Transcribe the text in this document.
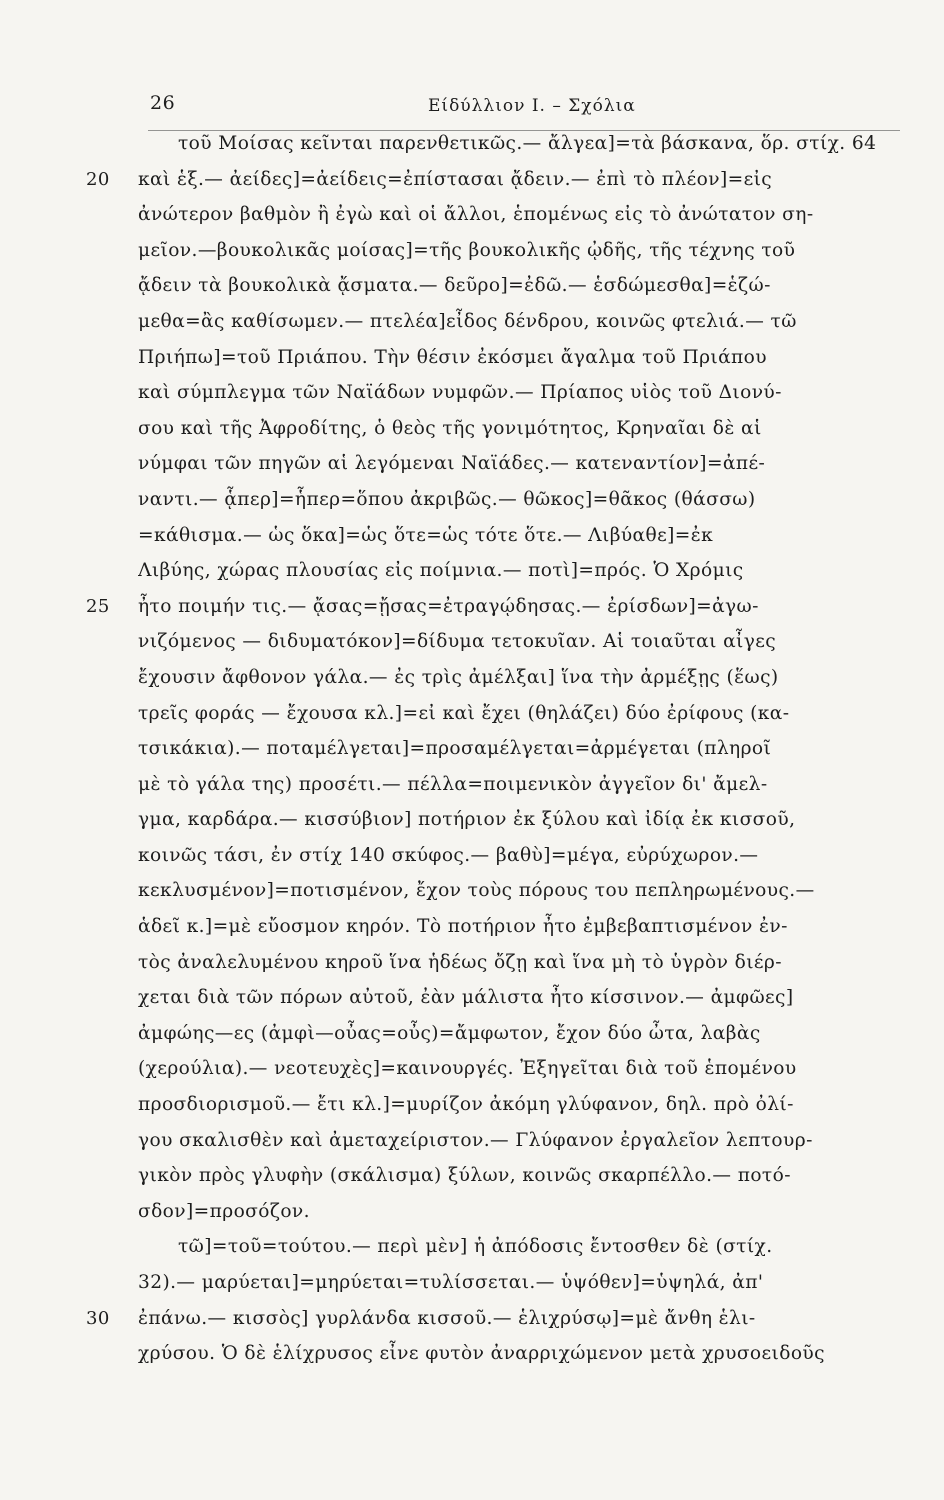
26	Είδύλλιον Ι. – Σχόλια
τοῦ Μοίσας κεῖνται παρενθετικῶς.— ἄλγεα]=τὰ βάσκανα, ὅρ. στίχ. 64
20 καὶ ἑξ.— ἀείδες]=ἀείδεις=ἐπίστασαι ᾄδειν.— ἐπὶ τὸ πλέον]=εἰς
ἀνώτερον βαθμὸν ἢ ἐγὼ καὶ οἱ ἄλλοι, ἑπομένως εἰς τὸ ἀνώτατον ση-
μεῖον.—βουκολικᾶς μοίσας]=τῆς βουκολικῆς ᾠδῆς, τῆς τέχνης τοῦ
ᾄδειν τὰ βουκολικὰ ᾄσματα.— δεῦρο]=ἐδῶ.— ἑσδώμεσθα]=ἑζώ-
μεθα=ἂς καθίσωμεν.— πτελέα]εἶδος δένδρου, κοινῶς φτελιά.— τῶ
Πριήπω]=τοῦ Πριάπου. Τὴν θέσιν ἐκόσμει ἄγαλμα τοῦ Πριάπου
καὶ σύμπλεγμα τῶν Ναϊάδων νυμφῶν.— Πρίαπος υἱὸς τοῦ Διονύ-
σου καὶ τῆς Ἀφροδίτης, ὁ θεὸς τῆς γονιμότητος, Κρηναῖαι δὲ αἱ
νύμφαι τῶν πηγῶν αἱ λεγόμεναι Ναϊάδες.— κατεναντίον]=ἀπέ-
ναντι.— ᾇπερ]=ἧπερ=ὅπου ἀκριβῶς.— θῶκος]=θᾶκος (θάσσω)
=κάθισμα.— ὡς ὅκα]=ὡς ὅτε=ὡς τότε ὅτε.— Λιβύαθε]=ἐκ
Λιβύης, χώρας πλουσίας εἰς ποίμνια.— ποτὶ]=πρός. Ὁ Χρόμις
25 ἦτο ποιμήν τις.— ᾄσας=ᾔσας=ἐτραγῴδησας.— ἐρίσδων]=ἀγω-
νιζόμενος — διδυματόκον]=δίδυμα τετοκυῖαν. Αἱ τοιαῦται αἶγες
ἔχουσιν ἄφθονον γάλα.— ἐς τρὶς ἀμέλξαι] ἵνα τὴν ἀρμέξῃς (ἕως)
τρεῖς φοράς — ἔχουσα κλ.]=εἰ καὶ ἔχει (θηλάζει) δύο ἐρίφους (κα-
τσικάκια).— ποταμέλγεται]=προσαμέλγεται=ἀρμέγεται (πληροῖ
μὲ τὸ γάλα της) προσέτι.— πέλλα=ποιμενικὸν ἀγγεῖον δι' ἄμελ-
γμα, καρδάρα.— κισσύβιον] ποτήριον ἐκ ξύλου καὶ ἰδίᾳ ἐκ κισσοῦ,
κοινῶς τάσι, ἐν στίχ 140 σκύφος.— βαθὺ]=μέγα, εὐρύχωρον.—
κεκλυσμένον]=ποτισμένον, ἔχον τοὺς πόρους του πεπληρωμένους.—
ἁδεῖ κ.]=μὲ εὔοσμον κηρόν. Τὸ ποτήριον ἦτο ἐμβεβαπτισμένον ἐν-
τὸς ἀναλελυμένου κηροῦ ἵνα ἡδέως ὄζῃ καὶ ἵνα μὴ τὸ ὑγρὸν διέρ-
χεται διὰ τῶν πόρων αὐτοῦ, ἐὰν μάλιστα ἦτο κίσσινον.— ἀμφῶες]
ἀμφώης—ες (ἀμφὶ—οὖας=οὖς)=ἄμφωτον, ἔχον δύο ὦτα, λαβὰς
(χερούλια).— νεοτευχὲς]=καινουργές. Ἐξηγεῖται διὰ τοῦ ἑπομένου
προσδιορισμοῦ.— ἔτι κλ.]=μυρίζον ἀκόμη γλύφανον, δηλ. πρὸ ὀλί-
γου σκαλισθὲν καὶ ἀμεταχείριστον.— Γλύφανον ἐργαλεῖον λεπτουρ-
γικὸν πρὸς γλυφὴν (σκάλισμα) ξύλων, κοινῶς σκαρπέλλο.— ποτό-
σδον]=προσόζον.
τῶ]=τοῦ=τούτου.— περὶ μὲν] ἡ ἀπόδοσις ἔντοσθεν δὲ (στίχ.
32).— μαρύεται]=μηρύεται=τυλίσσεται.— ὑψόθεν]=ὑψηλά, ἀπ'
30 ἐπάνω.— κισσὸς] γυρλάνδα κισσοῦ.— ἑλιχρύσῳ]=μὲ ἄνθη ἑλι-
χρύσου. Ὁ δὲ ἑλίχρυσος εἶνε φυτὸν ἀναρριχώμενον μετὰ χρυσοειδοῦς
